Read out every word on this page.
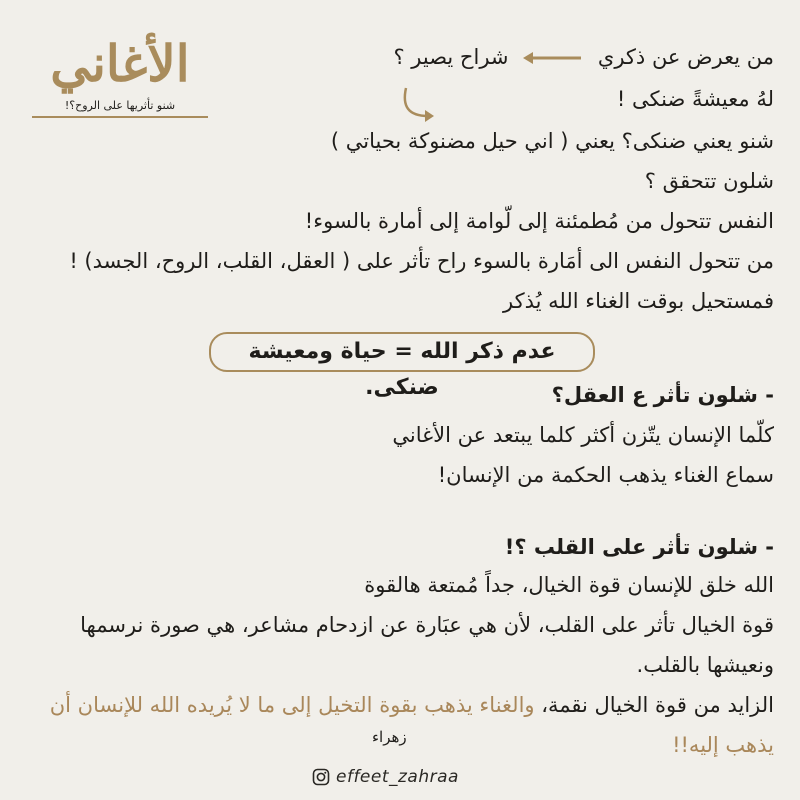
الأغاني
شنو تأثريها على الروح؟!
من يعرض عن ذكري  شراح يصير ؟
لهُ معيشةً ضنكى !
شنو يعني ضنكى؟ يعني ( اني حيل مضنوكة بحياتي )
شلون تتحقق ؟
النفس تتحول من مُطمئنة إلى لّوامة إلى أمارة بالسوء!
من تتحول النفس الى أمَارة بالسوء راح تأثر على ( العقل، القلب، الروح، الجسد) !
فمستحيل بوقت الغناء الله يُذكر
عدم ذكر الله = حياة ومعيشة ضنكى.	- شلون تأثر ع العقل؟
كلّما الإنسان يتّزن أكثر كلما يبتعد عن الأغاني
سماع الغناء يذهب الحكمة من الإنسان!
- شلون تأثر على القلب ؟!
الله خلق للإنسان قوة الخيال، جداً مُمتعة هالقوة
قوة الخيال تأثر على القلب، لأن هي عبَارة عن ازدحام مشاعر، هي صورة نرسمها
ونعيشها بالقلب.
الزايد من قوة الخيال نقمة، والغناء يذهب بقوة التخيل إلى ما لا يُريده الله للإنسان أن
يذهب إليه!!
زهراء
effeet_zahraa
